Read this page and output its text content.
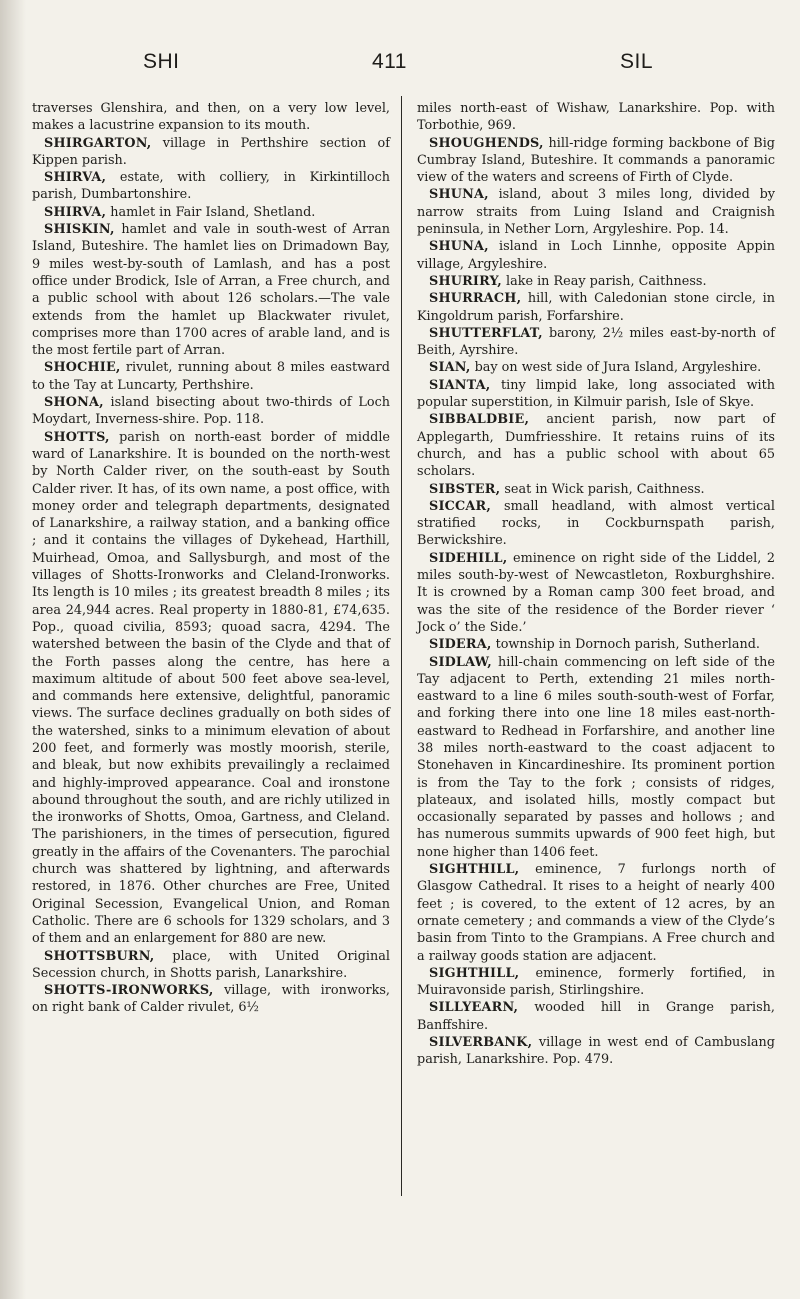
SHI	411	SIL

traverses Glenshira, and then, on a very low level, makes a lacustrine expansion to its mouth.

SHIRGARTON, village in Perthshire section of Kippen parish.

SHIRVA, estate, with colliery, in Kirkintilloch parish, Dumbartonshire.

SHIRVA, hamlet in Fair Island, Shetland.

SHISKIN, hamlet and vale in south-west of Arran Island, Buteshire. The hamlet lies on Drimadown Bay, 9 miles west-by-south of Lamlash, and has a post office under Brodick, Isle of Arran, a Free church, and a public school with about 126 scholars.—The vale extends from the hamlet up Blackwater rivulet, comprises more than 1700 acres of arable land, and is the most fertile part of Arran.

SHOCHIE, rivulet, running about 8 miles eastward to the Tay at Luncarty, Perthshire.

SHONA, island bisecting about two-thirds of Loch Moydart, Inverness-shire. Pop. 118.

SHOTTS, parish on north-east border of middle ward of Lanarkshire. It is bounded on the north-west by North Calder river, on the south-east by South Calder river. It has, of its own name, a post office, with money order and telegraph departments, designated of Lanarkshire, a railway station, and a banking office ; and it contains the villages of Dykehead, Harthill, Muirhead, Omoa, and Sallysburgh, and most of the villages of Shotts-Ironworks and Cleland-Ironworks. Its length is 10 miles ; its greatest breadth 8 miles ; its area 24,944 acres. Real property in 1880-81, £74,635. Pop., quoad civilia, 8593; quoad sacra, 4294. The watershed between the basin of the Clyde and that of the Forth passes along the centre, has here a maximum altitude of about 500 feet above sea-level, and commands here extensive, delightful, panoramic views. The surface declines gradually on both sides of the watershed, sinks to a minimum elevation of about 200 feet, and formerly was mostly moorish, sterile, and bleak, but now exhibits prevailingly a reclaimed and highly-improved appearance. Coal and ironstone abound throughout the south, and are richly utilized in the ironworks of Shotts, Omoa, Gartness, and Cleland. The parishioners, in the times of persecution, figured greatly in the affairs of the Covenanters. The parochial church was shattered by lightning, and afterwards restored, in 1876. Other churches are Free, United Original Secession, Evangelical Union, and Roman Catholic. There are 6 schools for 1329 scholars, and 3 of them and an enlargement for 880 are new.

SHOTTSBURN, place, with United Original Secession church, in Shotts parish, Lanarkshire.

SHOTTS-IRONWORKS, village, with ironworks, on right bank of Calder rivulet, 6½

miles north-east of Wishaw, Lanarkshire. Pop. with Torbothie, 969.

SHOUGHENDS, hill-ridge forming backbone of Big Cumbray Island, Buteshire. It commands a panoramic view of the waters and screens of Firth of Clyde.

SHUNA, island, about 3 miles long, divided by narrow straits from Luing Island and Craignish peninsula, in Nether Lorn, Argyleshire. Pop. 14.

SHUNA, island in Loch Linnhe, opposite Appin village, Argyleshire.

SHURIRY, lake in Reay parish, Caithness.

SHURRACH, hill, with Caledonian stone circle, in Kingoldrum parish, Forfarshire.

SHUTTERFLAT, barony, 2½ miles east-by-north of Beith, Ayrshire.

SIAN, bay on west side of Jura Island, Argyleshire.

SIANTA, tiny limpid lake, long associated with popular superstition, in Kilmuir parish, Isle of Skye.

SIBBALDBIE, ancient parish, now part of Applegarth, Dumfriesshire. It retains ruins of its church, and has a public school with about 65 scholars.

SIBSTER, seat in Wick parish, Caithness.

SICCAR, small headland, with almost vertical stratified rocks, in Cockburnspath parish, Berwickshire.

SIDEHILL, eminence on right side of the Liddel, 2 miles south-by-west of Newcastleton, Roxburghshire. It is crowned by a Roman camp 300 feet broad, and was the site of the residence of the Border riever ‘ Jock o’ the Side.’

SIDERA, township in Dornoch parish, Sutherland.

SIDLAW, hill-chain commencing on left side of the Tay adjacent to Perth, extending 21 miles north-eastward to a line 6 miles south-south-west of Forfar, and forking there into one line 18 miles east-north-eastward to Redhead in Forfarshire, and another line 38 miles north-eastward to the coast adjacent to Stonehaven in Kincardineshire. Its prominent portion is from the Tay to the fork ; consists of ridges, plateaux, and isolated hills, mostly compact but occasionally separated by passes and hollows ; and has numerous summits upwards of 900 feet high, but none higher than 1406 feet.

SIGHTHILL, eminence, 7 furlongs north of Glasgow Cathedral. It rises to a height of nearly 400 feet ; is covered, to the extent of 12 acres, by an ornate cemetery ; and commands a view of the Clyde’s basin from Tinto to the Grampians. A Free church and a railway goods station are adjacent.

SIGHTHILL, eminence, formerly fortified, in Muiravonside parish, Stirlingshire.

SILLYEARN, wooded hill in Grange parish, Banffshire.

SILVERBANK, village in west end of Cambuslang parish, Lanarkshire. Pop. 479.
